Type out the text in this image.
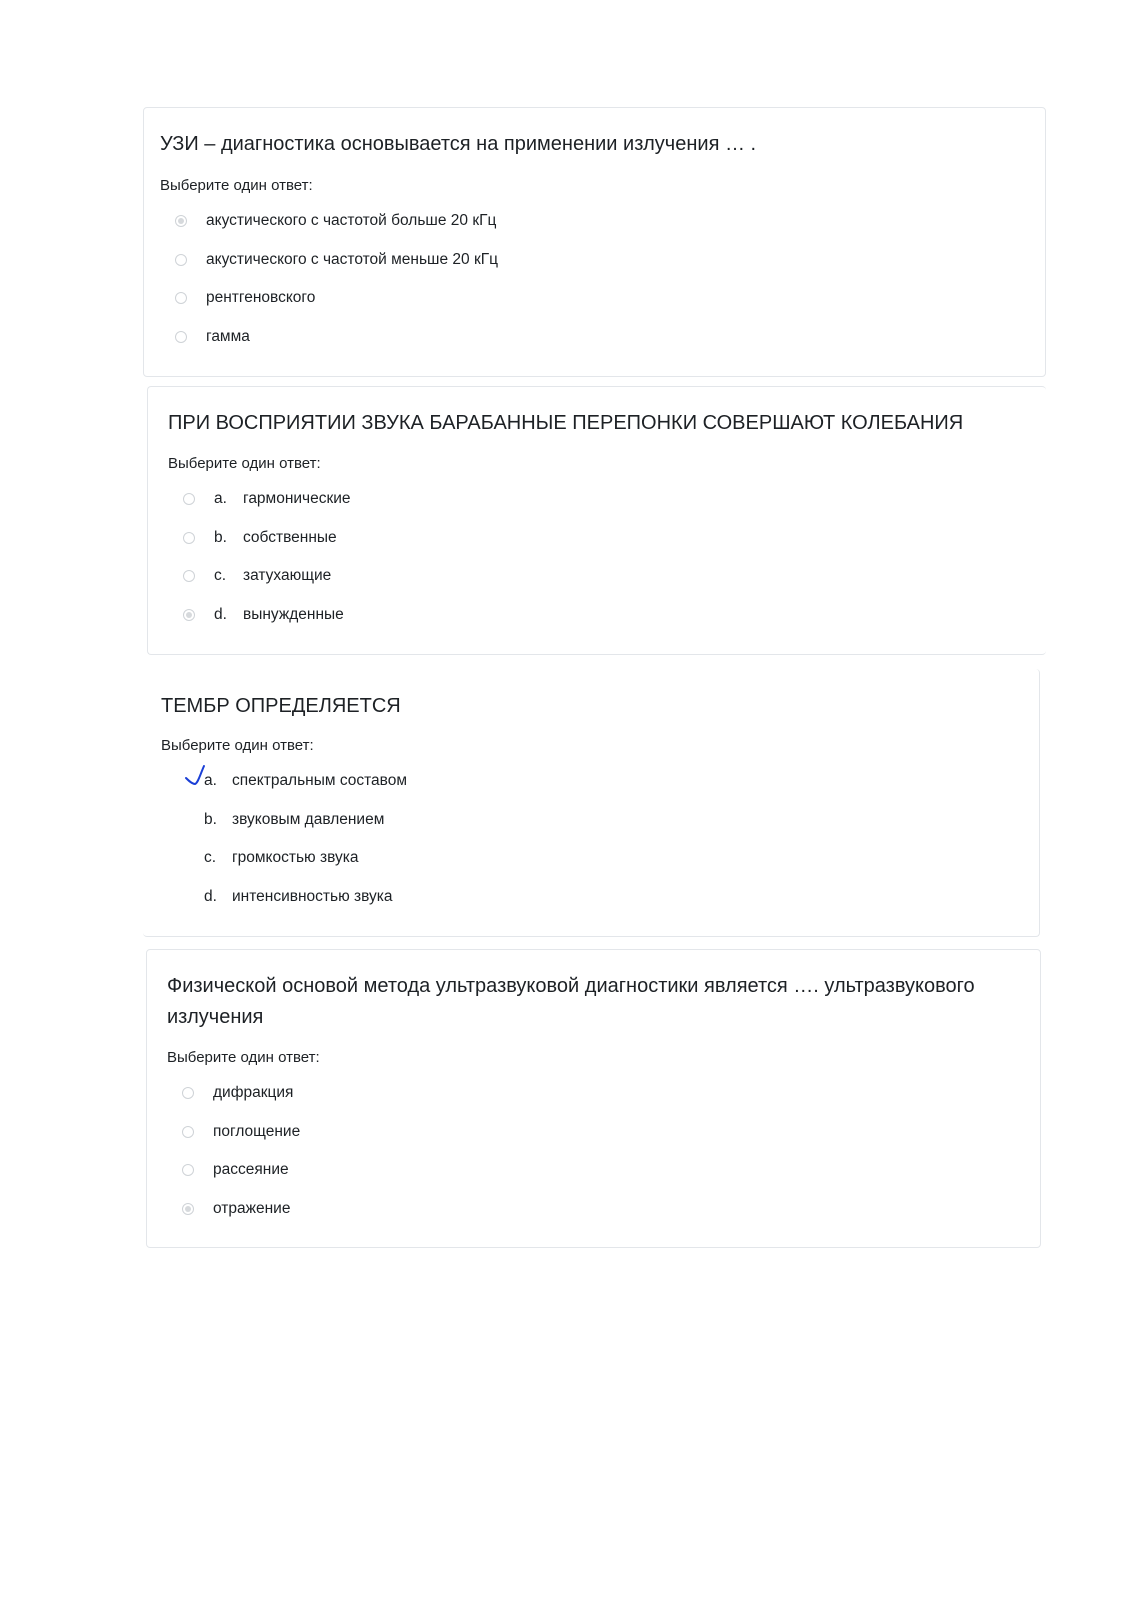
УЗИ – диагностика основывается на применении излучения … .
Выберите один ответ:
акустического с частотой больше 20 кГц
акустического с частотой меньше 20 кГц
рентгеновского
гамма
ПРИ ВОСПРИЯТИИ ЗВУКА БАРАБАННЫЕ ПЕРЕПОНКИ СОВЕРШАЮТ КОЛЕБАНИЯ
Выберите один ответ:
a.	гармонические
b.	собственные
c.	затухающие
d.	вынужденные
ТЕМБР ОПРЕДЕЛЯЕТСЯ
Выберите один ответ:
a. спектральным составом
b. звуковым давлением
c.	громкостью звука
d. интенсивностью звука
Физической основой метода ультразвуковой диагностики является …. ультразвукового
излучения
Выберите один ответ:
дифракция
поглощение
рассеяние
отражение
